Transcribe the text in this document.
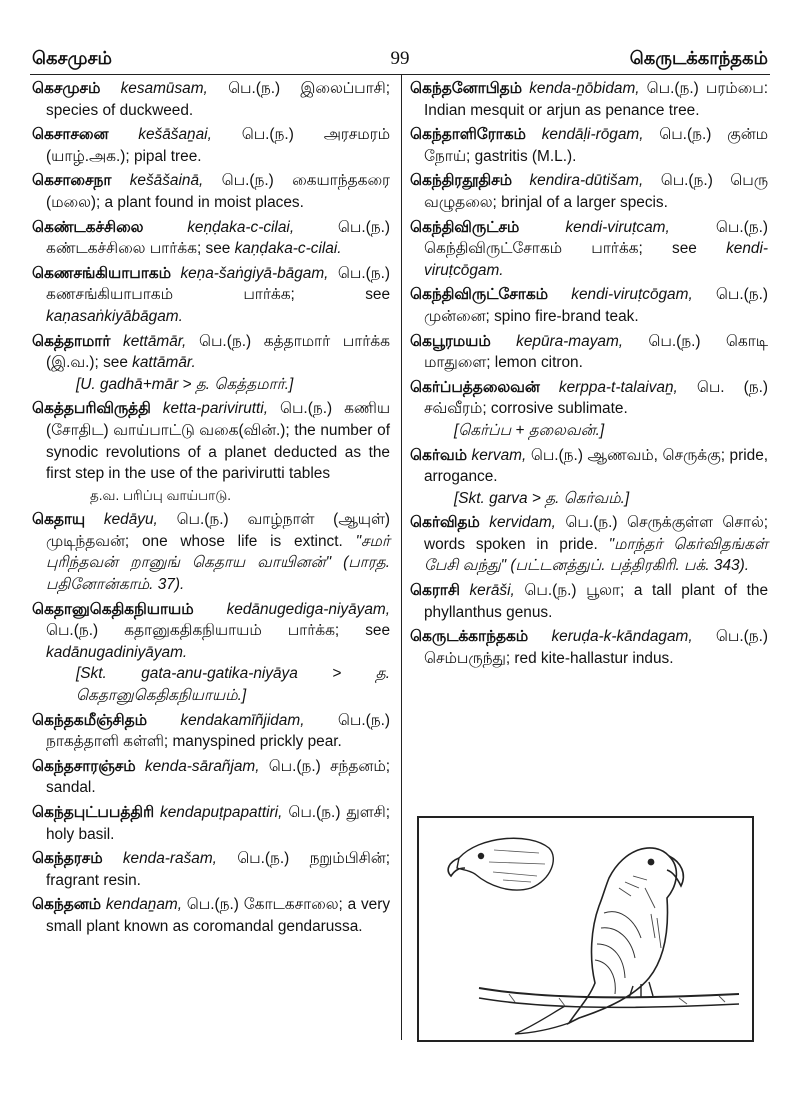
கெசமுசம்	99	கெருடக்காந்தகம்
கெசமுசம் kesamūsam, பெ.(ந.) இலைப்பாசி; species of duckweed.
கெசாசனை kešāšaṉai, பெ.(ந.) அரசமரம் (யாழ்.அக.); pipal tree.
கெசாசைநா kešāšainā, பெ.(ந.) கையாந்தகரை (மலை); a plant found in moist places.
கெண்டகச்சிலை	keṇḍaka-c-cilai,	பெ.(ந.) கண்டகச்சிலை பார்க்க; see kaṇḍaka-c-cilai.
கெணசங்கியாபாகம் keṇa-šaṅgiyā-bāgam, பெ.(ந.) கணசங்கியாபாகம் பார்க்க;	see kaṇasaṅkiyābāgam.
கெத்தாமார் kettāmār, பெ.(ந.) கத்தாமார் பார்க்க (இ.வ.); see kattāmār.
[U. gadhā+mār > த. கெத்தமார்.]
கெத்தபரிவிருத்தி ketta-parivirutti, பெ.(ந.) கணிய (சோதிட) வாய்பாட்டு வகை(வின்.); the number of synodic revolutions of a planet deducted as the first step in the use of the parivirutti tables
த.வ. பரிப்பு வாய்பாடு.
கெதாயு kedāyu, பெ.(ந.) வாழ்நாள் (ஆயுள்) முடிந்தவன்; one whose life is extinct. "சமர் புரிந்தவன் றானுங் கெதாய வாயினன்" (பாரத. பதினோன்காம். 37).
கெதானுகெதிகநியாயம் kedānugediga-niyāyam, பெ.(ந.) கதானுகதிகநியாயம் பார்க்க; see kadānugadiniyāyam.
[Skt. gata-anu-gatika-niyāya > த. கெதானுகெதிகநியாயம்.]
கெந்தகமீஞ்சிதம் kendakamīñjidam, பெ.(ந.) நாகத்தாளி கள்ளி; manyspined prickly pear.
கெந்தசாரஞ்சம் kenda-sārañjam, பெ.(ந.) சந்தனம்; sandal.
கெந்தபுட்பபத்திரி kendapuṭpapattiri, பெ.(ந.) துளசி; holy basil.
கெந்தரசம் kenda-rašam, பெ.(ந.) நறும்பிசின்; fragrant resin.
கெந்தனம் kendaṉam, பெ.(ந.) கோடகசாலை; a very small plant known as coromandal gendarussa.
கெந்தனோபிதம் kenda-ṉōbidam, பெ.(ந.) பரம்பை: Indian mesquit or arjun as penance tree.
கெந்தாளிரோகம் kendāḷi-rōgam, பெ.(ந.) குன்ம நோய்; gastritis (M.L.).
கெந்திரதூதிசம் kendira-dūtišam, பெ.(ந.) பெரு வழுதலை; brinjal of a larger specis.
கெந்திவிருட்சம்	kendi-viruṭcam,	பெ.(ந.) கெந்திவிருட்சோகம் பார்க்க; see kendi-viruṭcōgam.
கெந்திவிருட்சோகம் kendi-viruṭcōgam, பெ.(ந.) முன்னை; spino fire-brand teak.
கெபூரமயம் kepūra-mayam, பெ.(ந.) கொடி மாதுளை; lemon citron.
கெர்ப்பத்தலைவன் kerppa-t-talaivaṉ, பெ. (ந.) சவ்வீரம்; corrosive sublimate.
[கெர்ப்ப + தலைவன்.]
கெர்வம் kervam, பெ.(ந.) ஆணவம், செருக்கு; pride, arrogance.
[Skt. garva > த. கெர்வம்.]
கெர்விதம் kervidam, பெ.(ந.) செருக்குள்ள சொல்; words spoken in pride. "மாந்தர் கெர்விதங்கள் பேசி வந்து" (பட்டனத்துப். பத்திரகிரி. பக். 343).
கெராசி kerāši, பெ.(ந.) பூலா; a tall plant of the phyllanthus genus.
கெருடக்காந்தகம் keruḍa-k-kāndagam, பெ.(ந.) செம்பருந்து; red kite-hallastur indus.
